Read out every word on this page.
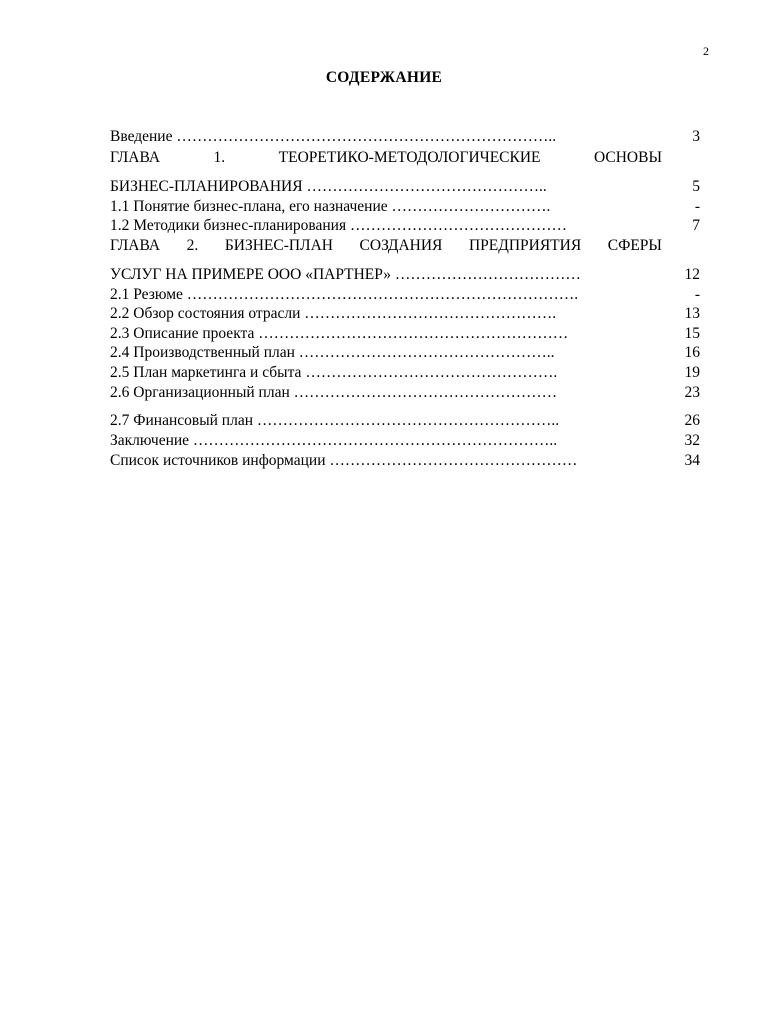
2
СОДЕРЖАНИЕ
Введение ………………………………………………………………..	3
ГЛАВА	1.	ТЕОРЕТИКО-МЕТОДОЛОГИЧЕСКИЕ	ОСНОВЫ
БИЗНЕС-ПЛАНИРОВАНИЯ ………………………………………..	5
1.1 Понятие бизнес-плана, его назначение ………………………….	-
1.2 Методики бизнес-планирования ……………………………………	7
ГЛАВА 2. БИЗНЕС-ПЛАН СОЗДАНИЯ ПРЕДПРИЯТИЯ СФЕРЫ
УСЛУГ НА ПРИМЕРЕ ООО «ПАРТНЕР» ………………………………	12
2.1 Резюме ………………………………………………………………….	-
2.2 Обзор состояния отрасли ………………………………………….	13
2.3 Описание проекта ……………………………………………………	15
2.4 Производственный план …………………………………………..	16
2.5 План маркетинга и сбыта ………………………………………….	19
2.6 Организационный план ……………………………………………	23
2.7 Финансовый план …………………………………………………..	26
Заключение ……………………………………………………………..	32
Список источников информации …………………………………………	34
